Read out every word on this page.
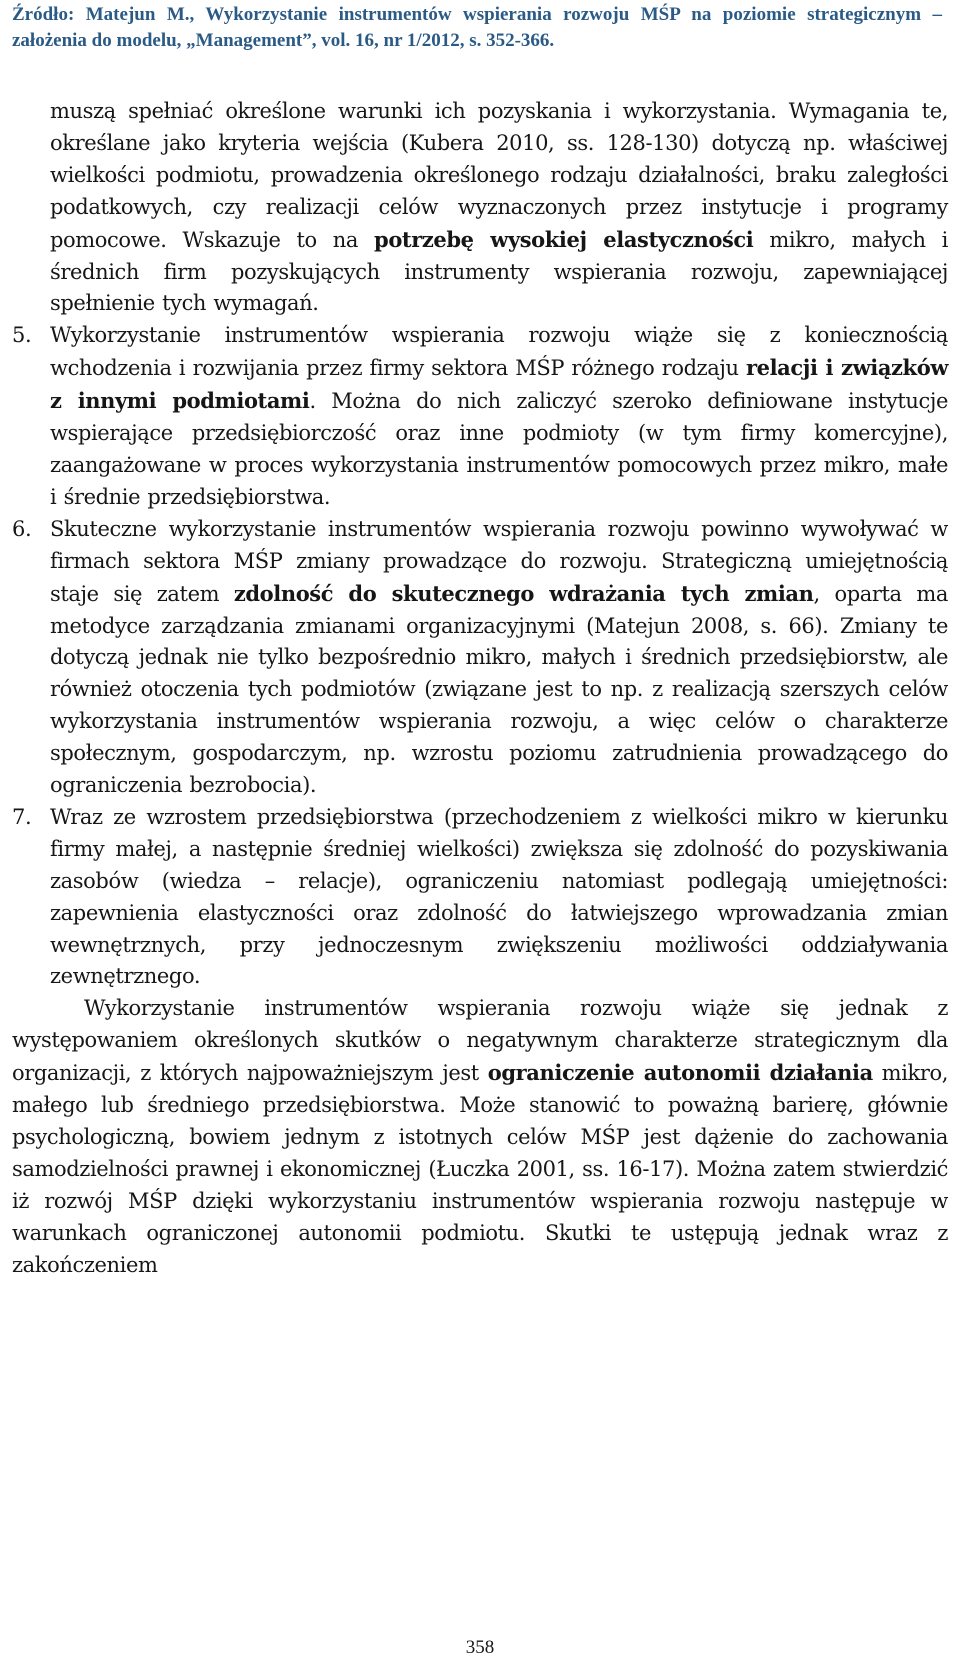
Źródło: Matejun M., Wykorzystanie instrumentów wspierania rozwoju MŚP na poziomie strategicznym – założenia do modelu, „Management”, vol. 16, nr 1/2012, s. 352-366.

muszą spełniać określone warunki ich pozyskania i wykorzystania. Wymagania te, określane jako kryteria wejścia (Kubera 2010, ss. 128-130) dotyczą np. właściwej wielkości podmiotu, prowadzenia określonego rodzaju działalności, braku zaległości podatkowych, czy realizacji celów wyznaczonych przez instytucje i programy pomocowe. Wskazuje to na potrzebę wysokiej elastyczności mikro, małych i średnich firm pozyskujących instrumenty wspierania rozwoju, zapewniającej spełnienie tych wymagań.

5. Wykorzystanie instrumentów wspierania rozwoju wiąże się z koniecznością wchodzenia i rozwijania przez firmy sektora MŚP różnego rodzaju relacji i związków z innymi podmiotami. Można do nich zaliczyć szeroko definiowane instytucje wspierające przedsiębiorczość oraz inne podmioty (w tym firmy komercyjne), zaangażowane w proces wykorzystania instrumentów pomocowych przez mikro, małe i średnie przedsiębiorstwa.
6. Skuteczne wykorzystanie instrumentów wspierania rozwoju powinno wywoływać w firmach sektora MŚP zmiany prowadzące do rozwoju. Strategiczną umiejętnością staje się zatem zdolność do skutecznego wdrażania tych zmian, oparta ma metodyce zarządzania zmianami organizacyjnymi (Matejun 2008, s. 66). Zmiany te dotyczą jednak nie tylko bezpośrednio mikro, małych i średnich przedsiębiorstw, ale również otoczenia tych podmiotów (związane jest to np. z realizacją szerszych celów wykorzystania instrumentów wspierania rozwoju, a więc celów o charakterze społecznym, gospodarczym, np. wzrostu poziomu zatrudnienia prowadzącego do ograniczenia bezrobocia).
7. Wraz ze wzrostem przedsiębiorstwa (przechodzeniem z wielkości mikro w kierunku firmy małej, a następnie średniej wielkości) zwiększa się zdolność do pozyskiwania zasobów (wiedza – relacje), ograniczeniu natomiast podlegają umiejętności: zapewnienia elastyczności oraz zdolność do łatwiejszego wprowadzania zmian wewnętrznych, przy jednoczesnym zwiększeniu możliwości oddziaływania zewnętrznego.

Wykorzystanie instrumentów wspierania rozwoju wiąże się jednak z występowaniem określonych skutków o negatywnym charakterze strategicznym dla organizacji, z których najpoważniejszym jest ograniczenie autonomii działania mikro, małego lub średniego przedsiębiorstwa. Może stanowić to poważną barierę, głównie psychologiczną, bowiem jednym z istotnych celów MŚP jest dążenie do zachowania samodzielności prawnej i ekonomicznej (Łuczka 2001, ss. 16-17). Można zatem stwierdzić iż rozwój MŚP dzięki wykorzystaniu instrumentów wspierania rozwoju następuje w warunkach ograniczonej autonomii podmiotu. Skutki te ustępują jednak wraz z zakończeniem

358
